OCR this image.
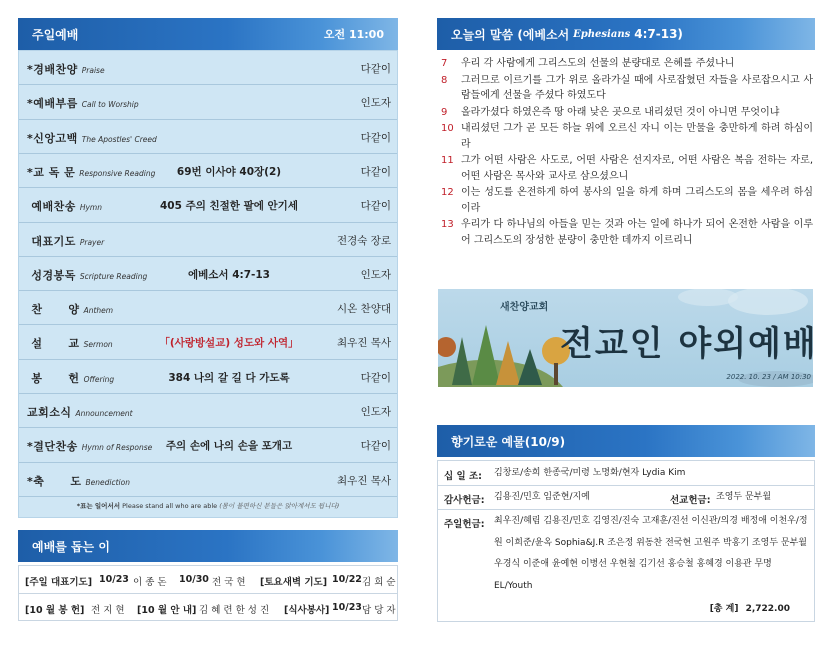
주일예배	오전 11:00
*경배찬양 Praise	다같이
*예배부름 Call to Worship	인도자
*신앙고백 The Apostles' Creed	다같이
*교 독 문 Responsive Reading	69번 이사야 40장(2)	다같이
예배찬송 Hymn	405 주의 친절한 팔에 안기세	다같이
대표기도 Prayer	전경숙 장로
성경봉독 Scripture Reading	에베소서 4:7-13	인도자
찬      양 Anthem	시온 찬양대
설      교 Sermon	「(사랑방설교) 성도와 사역」	최우진 목사
봉      헌 Offering	384 나의 갈 길 다 가도록	다같이
교회소식 Announcement	인도자
*결단찬송 Hymn of Response	주의 손에 나의 손을 포개고	다같이
*축      도 Benediction	최우진 목사
*표는 일어서서 Please stand all who are able (몸이 불편하신 분들은 앉아계셔도 됩니다)
예배를 돕는 이
[주일 대표기도] 10/23 이 종 돈 10/30 전 국 현 [토요새벽 기도] 10/22 김 희 순
[10 월 봉 헌] 전 지 현 [10 월 안 내] 김 혜 련 한 성 진 [식사봉사] 10/23 담 당 자
오늘의 말씀 (에베소서 Ephesians 4:7-13)
7	우리 각 사람에게 그리스도의 선물의 분량대로 은혜를 주셨나니
8	그러므로 이르기를 그가 위로 올라가실 때에 사로잡혔던 자들을 사로잡으시고 사람들에게 선물을 주셨다 하였도다
9	올라가셨다 하였은즉 땅 아래 낮은 곳으로 내리셨던 것이 아니면 무엇이냐
10 내리셨던 그가 곧 모든 하늘 위에 오르신 자니 이는 만물을 충만하게 하려 하심이라
11 그가 어떤 사람은 사도로, 어떤 사람은 선지자로, 어떤 사람은 복음 전하는 자로, 어떤 사람은 목사와 교사로 삼으셨으니
12 이는 성도를 온전하게 하여 봉사의 일을 하게 하며 그리스도의 몸을 세우려 하심이라
13 우리가 다 하나님의 아들을 믿는 것과 아는 일에 하나가 되어 온전한 사람을 이루어 그리스도의 장성한 분량이 충만한 데까지 이르리니
새찬양교회
전교인 야외예배
2022. 10. 23 / AM 10:30
향기로운 예물(10/9)
십 일 조: 김창로/송희 한종국/미령 노명화/현자 Lydia Kim
감사헌금: 김용진/민호 임준현/지예	선교헌금: 조영두 문부월
주일헌금: 최우진/혜림 김용진/민호 김영진/진숙 고재훈/진선 이신관/의경 배정애 이천우/정원 이희준/윤옥 Sophia&J.R 조은정 위동찬 전국현 고원주 박홍기 조영두 문부월 우경식 이준애 윤예현 이병선 우현철 김기선 홍승철 홍혜경 이용관 무명 EL/Youth
[총 계] 2,722.00
